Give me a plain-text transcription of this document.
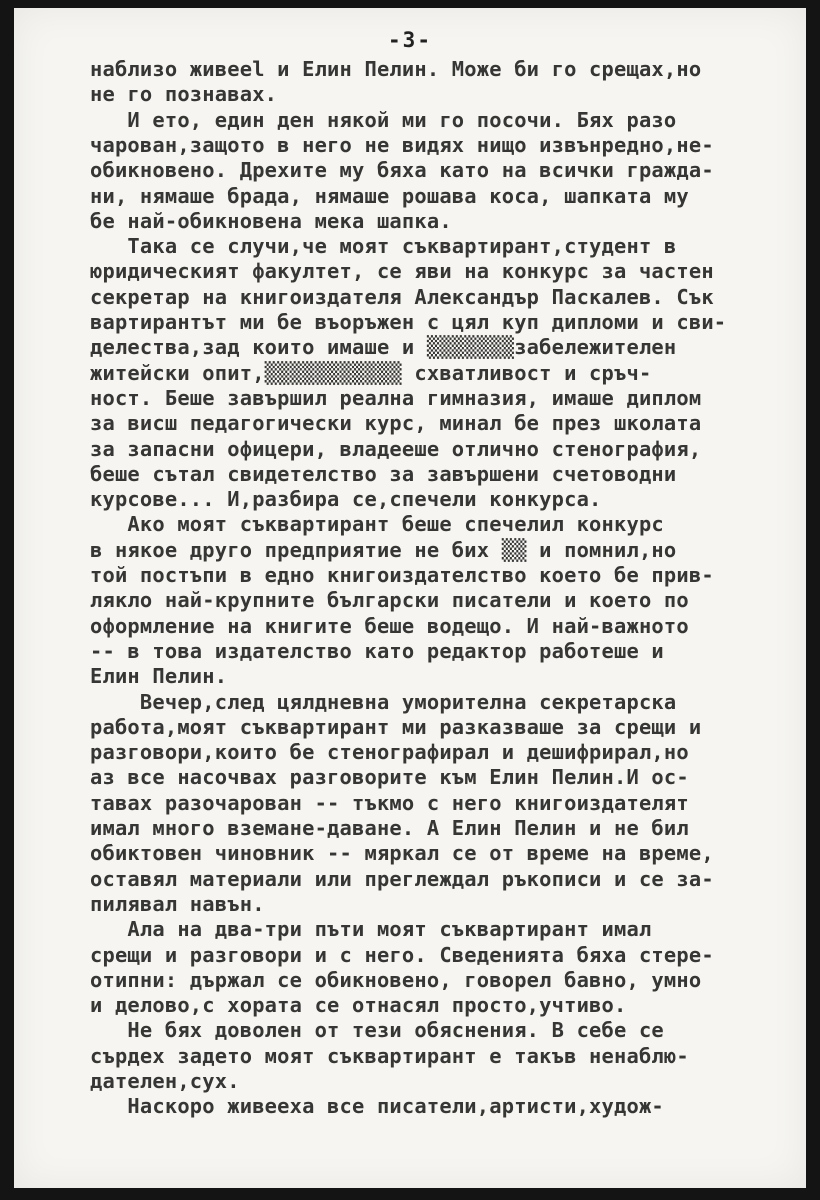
-3-
наблизо живееl и Елин Пелин. Може би го срещах,но
не го познавах.
И ето, един ден някой ми го посочи. Бях разо
чарован,защото в него не видях нищо извънредно,не-
обикновено. Дрехите му бяха като на всички гражда-
ни, нямаше брада, нямаше рошава коса, шапката му
бе най-обикновена мека шапка.
Така се случи,че моят съквартирант,студент в
юридическият факултет, се яви на конкурс за частен
секретар на книгоиздателя Александър Паскалев. Сък
вартирантът ми бе въоръжен с цял куп дипломи и сви-
делества,зад които имаше и ▒▒▒▒▒▒▒забележителен
житейски опит,▒▒▒▒▒▒▒▒▒▒▒ схватливост и сръч-
ност. Беше завършил реална гимназия, имаше диплом
за висш педагогически курс, минал бе през школата
за запасни офицери, владееше отлично стенография,
беше сътал свидетелство за завършени счетоводни
курсове... И,разбира се,спечели конкурса.
Ако моят съквартирант беше спечелил конкурс
в някое друго предприятие не бих ▒▒ и помнил,но
той постъпи в едно книгоиздателство което бе прив-
лякло най-крупните български писатели и което по
оформление на книгите беше водещо. И най-важното
-- в това издателство като редактор работеше и
Елин Пелин.
Вечер,след цялдневна уморителна секретарска
работа,моят съквартирант ми разказваше за срещи и
разговори,които бе стенографирал и дешифрирал,но
аз все насочвах разговорите към Елин Пелин.И ос-
тавах разочарован -- тъкмо с него книгоиздателят
имал много вземане-даване. А Елин Пелин и не бил
обиктовен чиновник -- мяркал се от време на време,
оставял материали или преглеждал ръкописи и се за-
пилявал навън.
Ала на два-три пъти моят съквартирант имал
срещи и разговори и с него. Сведенията бяха стере-
отипни: държал се обикновено, говорел бавно, умно
и делово,с хората се отнасял просто,учтиво.
Не бях доволен от тези обяснения. В себе се
сърдех задето моят съквартирант е такъв ненаблю-
дателен,сух.
Наскоро живееха все писатели,артисти,худож-
